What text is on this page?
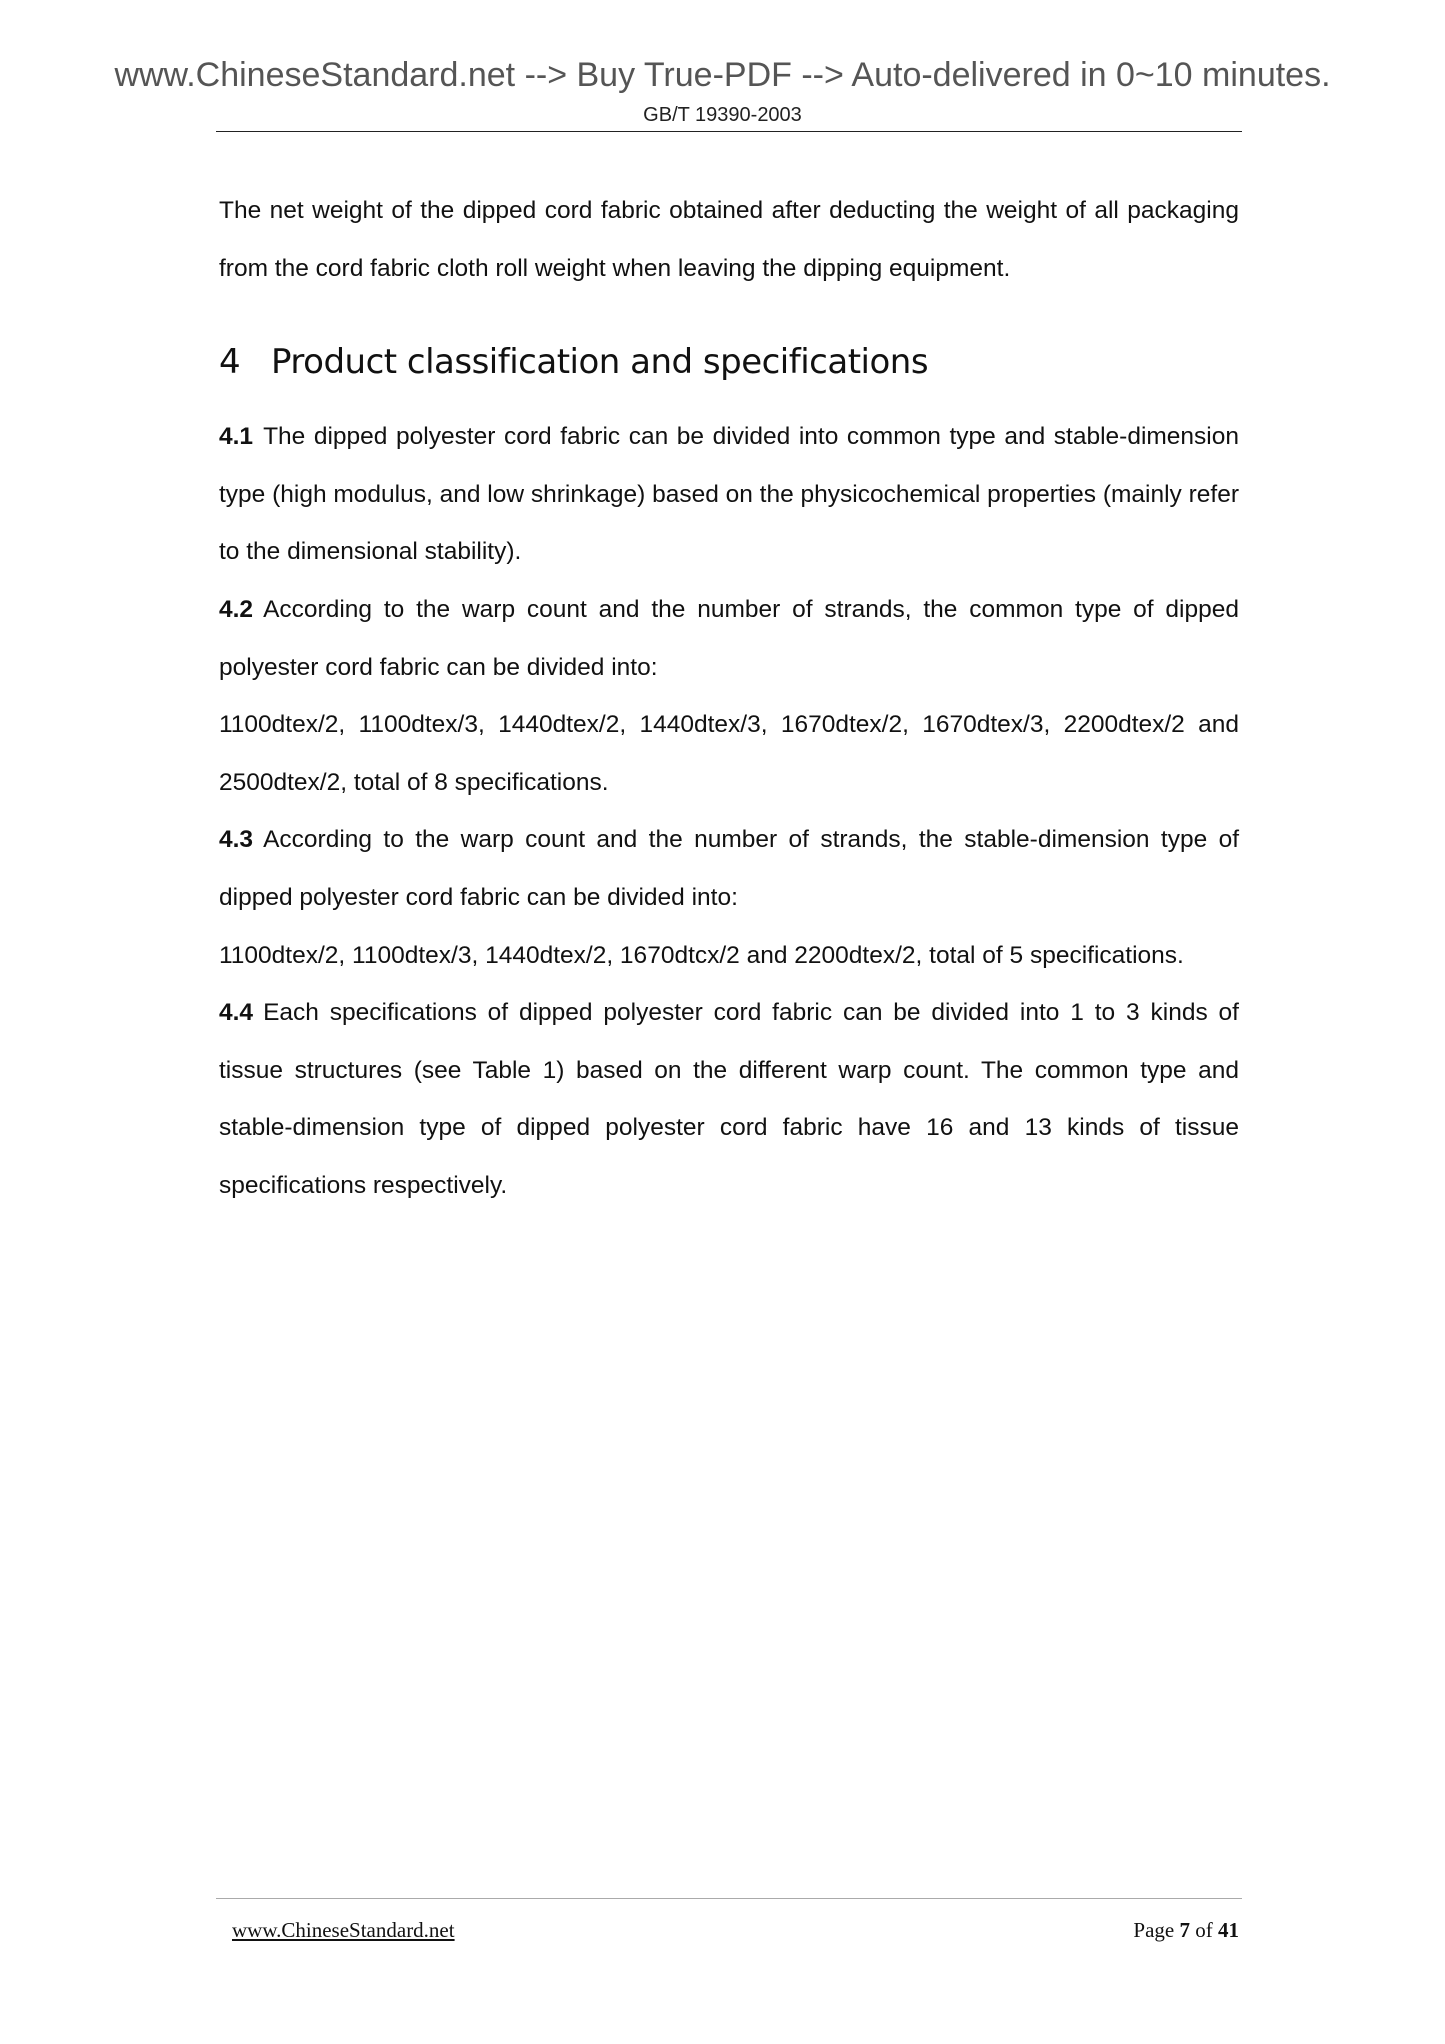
www.ChineseStandard.net --> Buy True-PDF --> Auto-delivered in 0~10 minutes.
GB/T 19390-2003

The net weight of the dipped cord fabric obtained after deducting the weight of all packaging from the cord fabric cloth roll weight when leaving the dipping equipment.

4 Product classification and specifications

4.1 The dipped polyester cord fabric can be divided into common type and stable-dimension type (high modulus, and low shrinkage) based on the physicochemical properties (mainly refer to the dimensional stability).

4.2 According to the warp count and the number of strands, the common type of dipped polyester cord fabric can be divided into:

1100dtex/2, 1100dtex/3, 1440dtex/2, 1440dtex/3, 1670dtex/2, 1670dtex/3, 2200dtex/2 and 2500dtex/2, total of 8 specifications.

4.3 According to the warp count and the number of strands, the stable-dimension type of dipped polyester cord fabric can be divided into:

1100dtex/2, 1100dtex/3, 1440dtex/2, 1670dtcx/2 and 2200dtex/2, total of 5 specifications.

4.4 Each specifications of dipped polyester cord fabric can be divided into 1 to 3 kinds of tissue structures (see Table 1) based on the different warp count. The common type and stable-dimension type of dipped polyester cord fabric have 16 and 13 kinds of tissue specifications respectively.

www.ChineseStandard.net	Page 7 of 41
